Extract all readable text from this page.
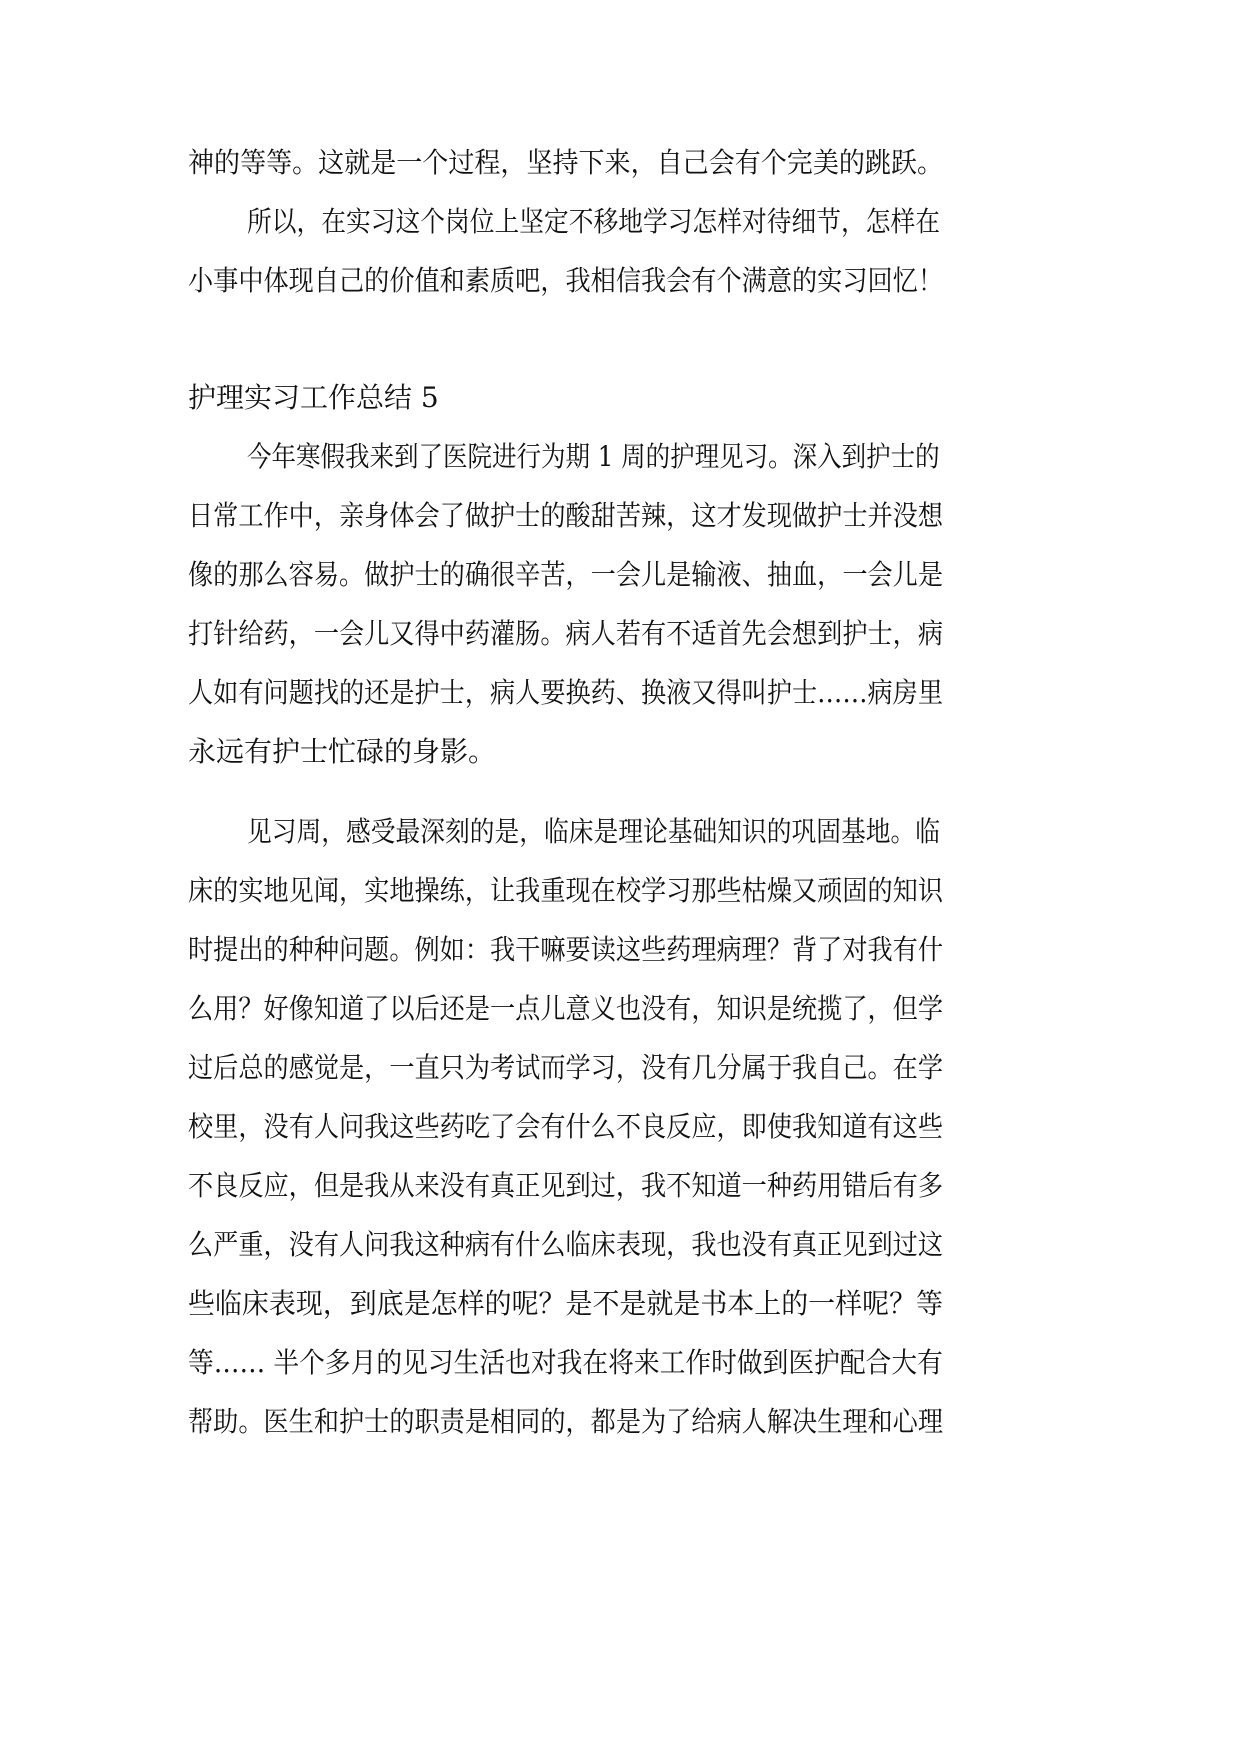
神的等等。这就是一个过程，坚持下来，自己会有个完美的跳跃。
所以，在实习这个岗位上坚定不移地学习怎样对待细节，怎样在
小事中体现自己的价值和素质吧，我相信我会有个满意的实习回忆！
护理实习工作总结 5
今年寒假我来到了医院进行为期 1 周的护理见习。深入到护士的
日常工作中，亲身体会了做护士的酸甜苦辣，这才发现做护士并没想
像的那么容易。做护士的确很辛苦，一会儿是输液、抽血，一会儿是
打针给药，一会儿又得中药灌肠。病人若有不适首先会想到护士，病
人如有问题找的还是护士，病人要换药、换液又得叫护士……病房里
永远有护士忙碌的身影。
见习周，感受最深刻的是，临床是理论基础知识的巩固基地。临
床的实地见闻，实地操练，让我重现在校学习那些枯燥又顽固的知识
时提出的种种问题。例如：我干嘛要读这些药理病理？背了对我有什
么用？好像知道了以后还是一点儿意义也没有，知识是统揽了，但学
过后总的感觉是，一直只为考试而学习，没有几分属于我自己。在学
校里，没有人问我这些药吃了会有什么不良反应，即使我知道有这些
不良反应，但是我从来没有真正见到过，我不知道一种药用错后有多
么严重，没有人问我这种病有什么临床表现，我也没有真正见到过这
些临床表现，到底是怎样的呢？是不是就是书本上的一样呢？等
等…… 半个多月的见习生活也对我在将来工作时做到医护配合大有
帮助。医生和护士的职责是相同的，都是为了给病人解决生理和心理
